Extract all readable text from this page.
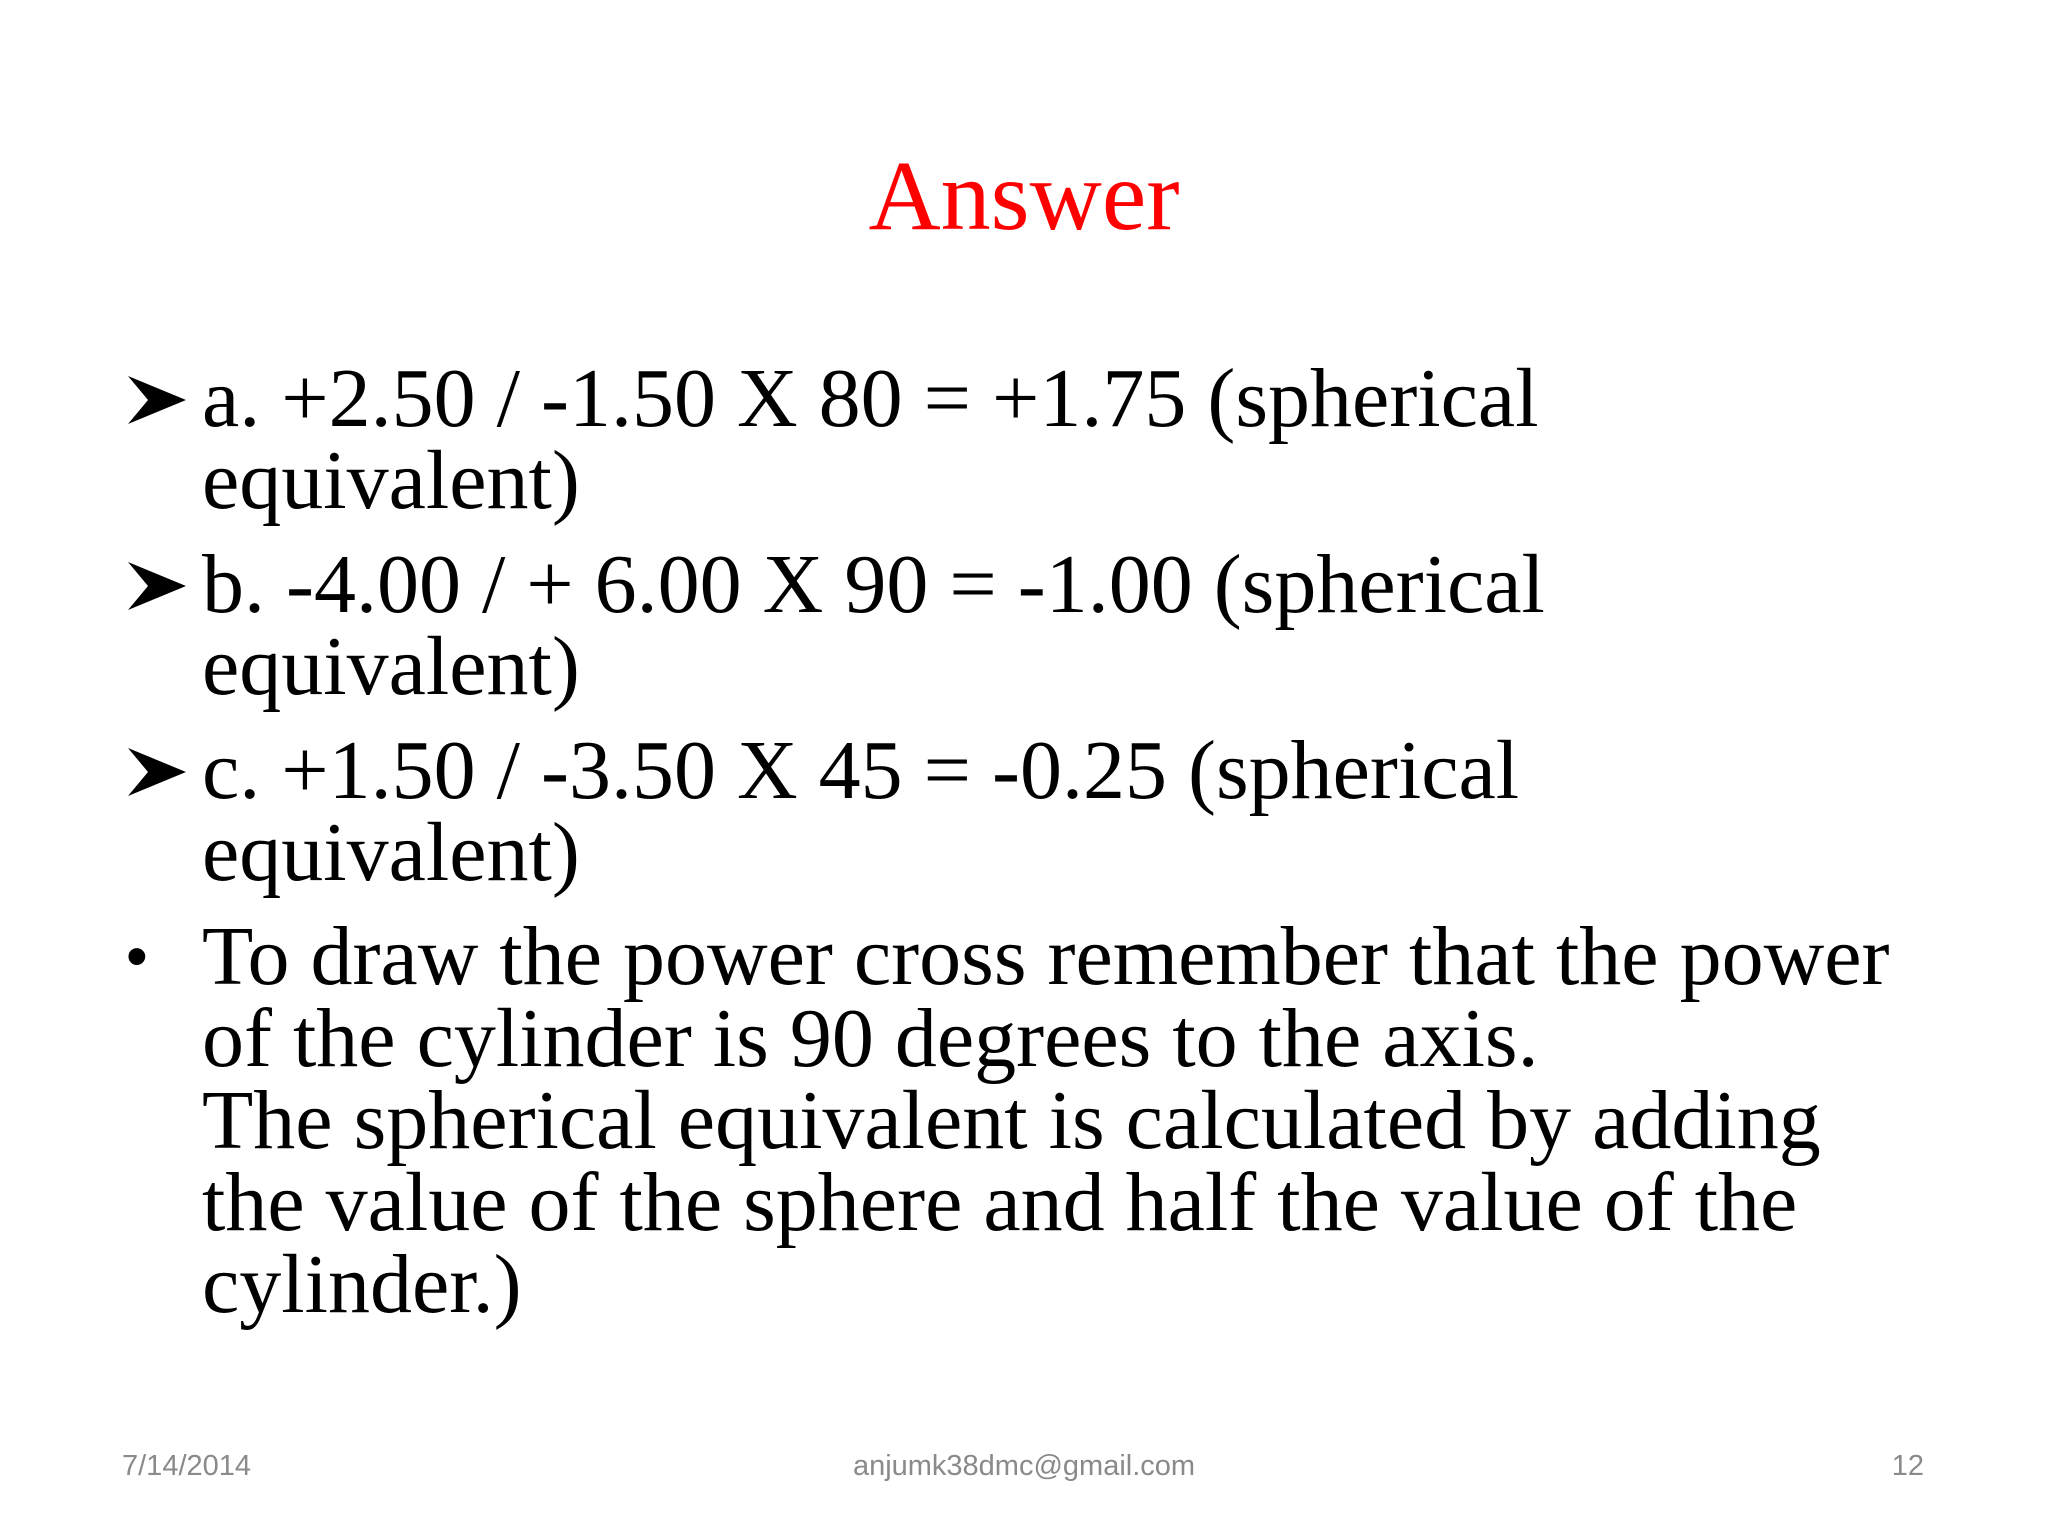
Answer
a. +2.50 / -1.50 X 80 = +1.75 (spherical
equivalent)
b. -4.00 / + 6.00 X 90 = -1.00 (spherical
equivalent)
c. +1.50 / -3.50 X 45 = -0.25 (spherical
equivalent)
• To draw the power cross remember that the power
of the cylinder is 90 degrees to the axis.
The spherical equivalent is calculated by adding
the value of the sphere and half the value of the
cylinder.)
7/14/2014	anjumk38dmc@gmail.com	12
